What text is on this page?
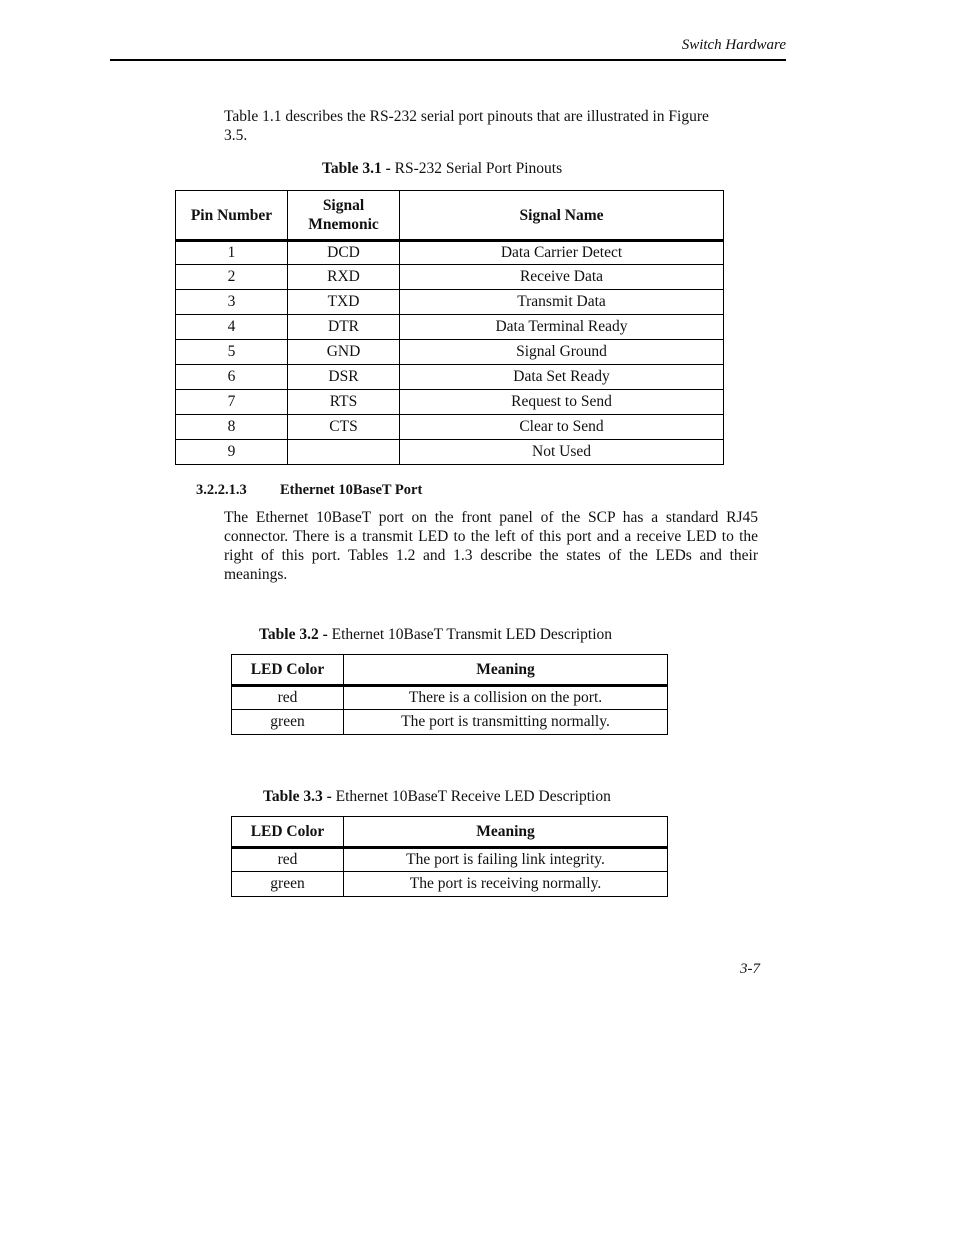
Switch Hardware

Table 1.1 describes the RS-232 serial port pinouts that are illustrated in Figure 3.5.

Table 3.1 - RS-232 Serial Port Pinouts
Pin Number	Signal Mnemonic	Signal Name
1	DCD	Data Carrier Detect
2	RXD	Receive Data
3	TXD	Transmit Data
4	DTR	Data Terminal Ready
5	GND	Signal Ground
6	DSR	Data Set Ready
7	RTS	Request to Send
8	CTS	Clear to Send
9		Not Used
3.2.2.1.3 Ethernet 10BaseT Port

The Ethernet 10BaseT port on the front panel of the SCP has a standard RJ45 connector. There is a transmit LED to the left of this port and a receive LED to the right of this port. Tables 1.2 and 1.3 describe the states of the LEDs and their meanings.

Table 3.2 - Ethernet 10BaseT Transmit LED Description
LED Color	Meaning
red	There is a collision on the port.
green	The port is transmitting normally.
Table 3.3 - Ethernet 10BaseT Receive LED Description
LED Color	Meaning
red	The port is failing link integrity.
green	The port is receiving normally.
3-7
